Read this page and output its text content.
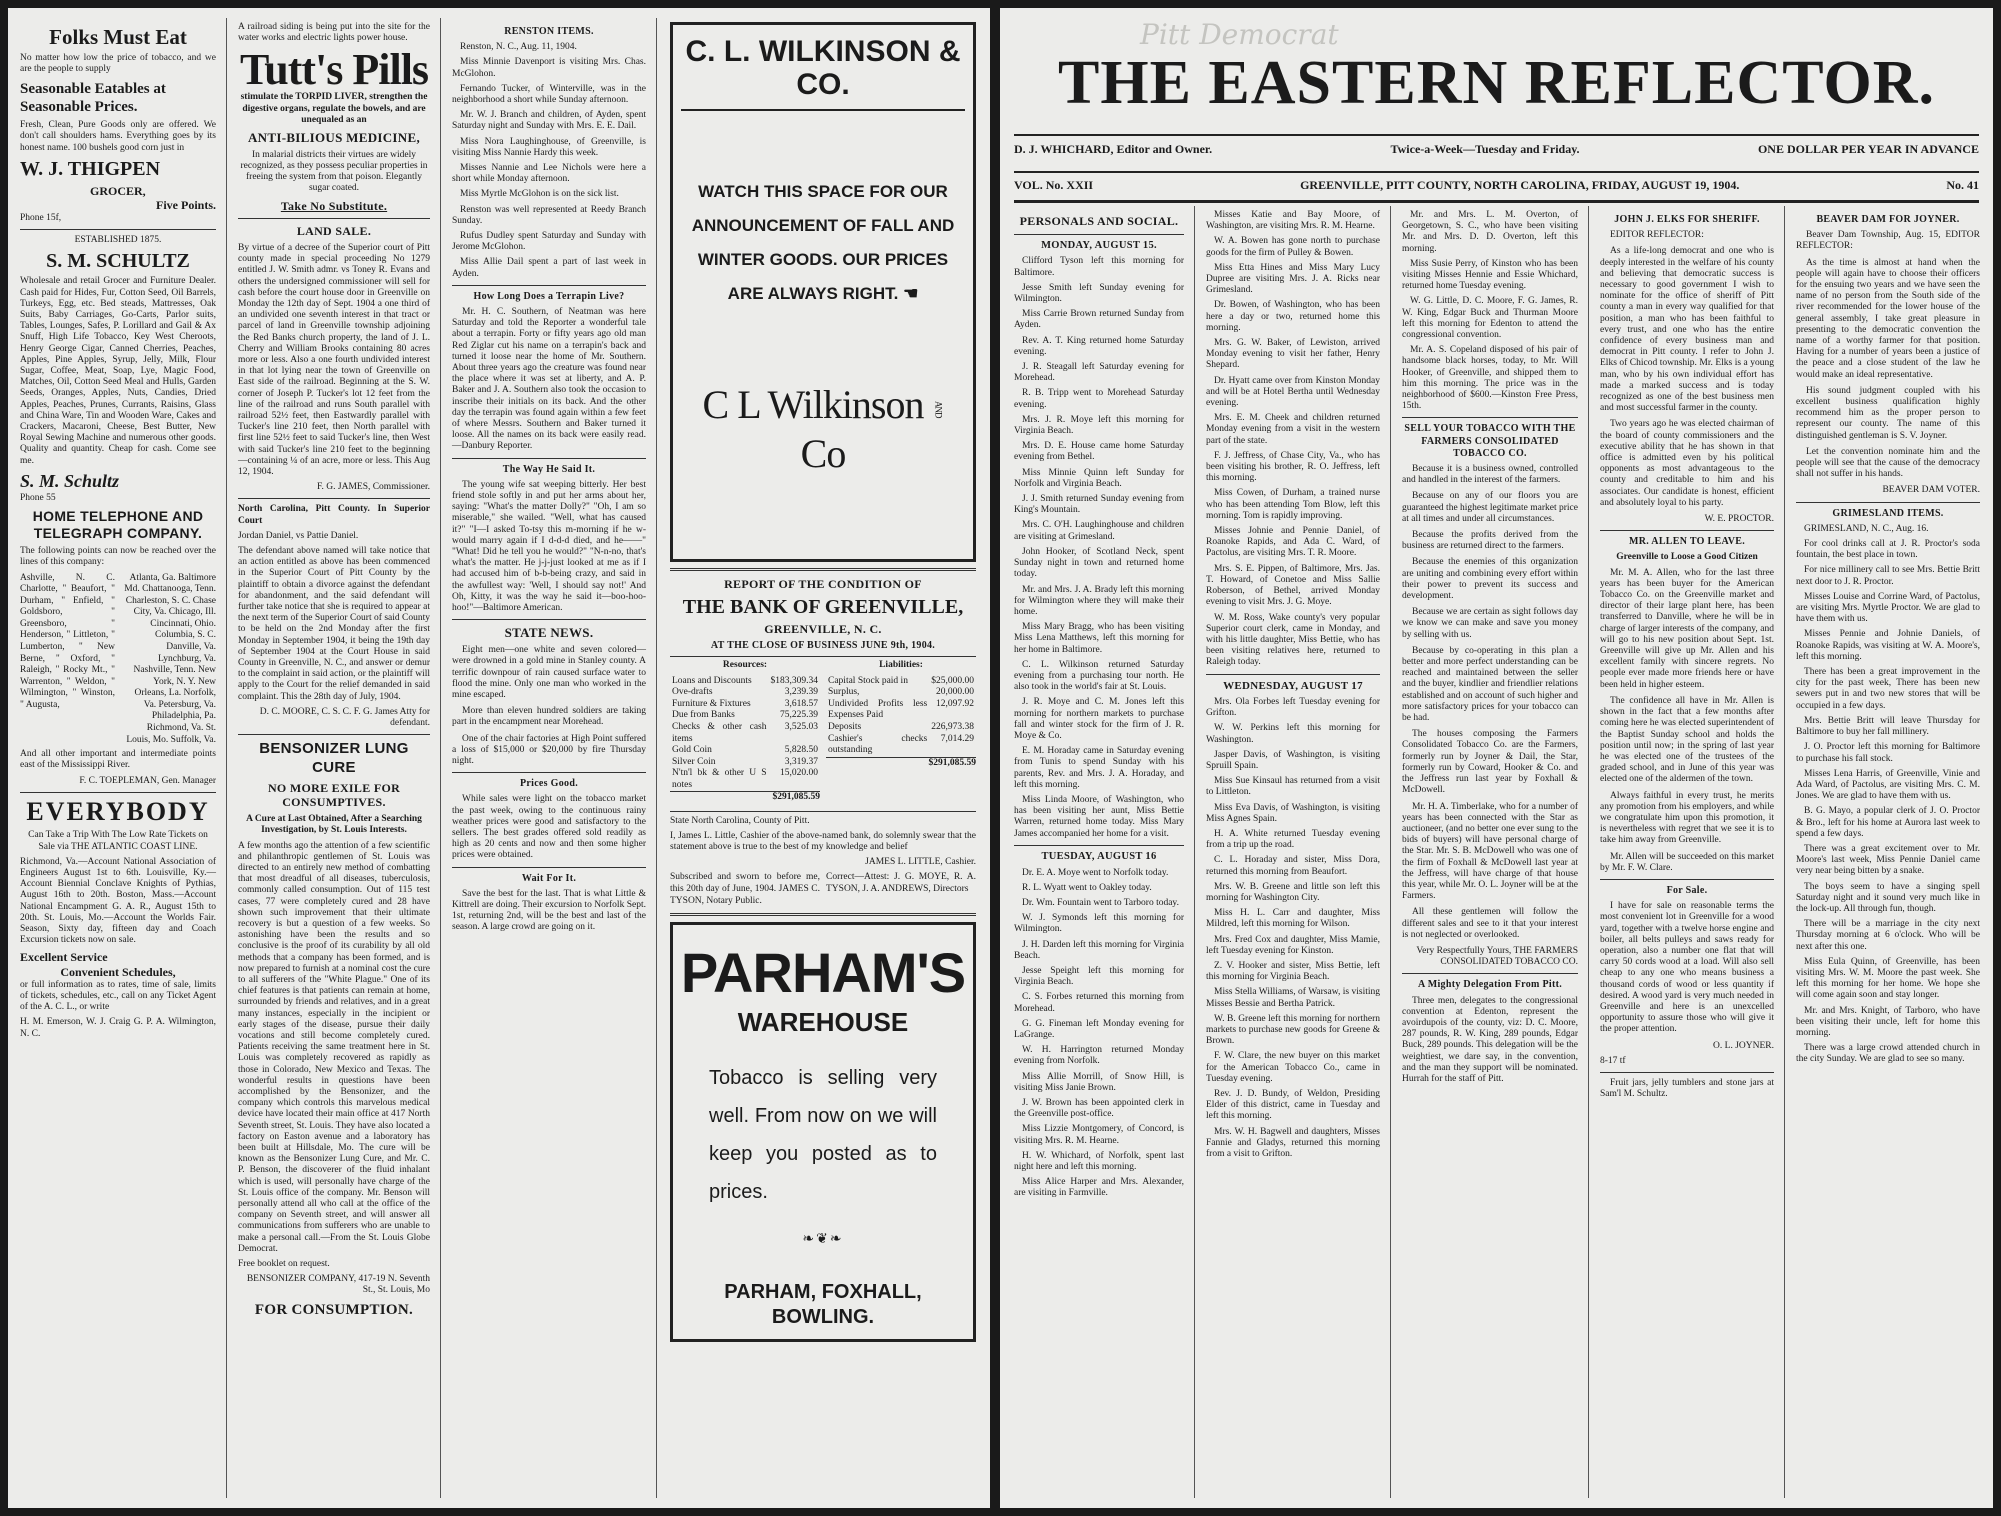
Folks Must Eat
No matter how low the price of tobacco, and we are the people to supply
Seasonable Eatables at
Seasonable Prices.
Fresh, Clean, Pure Goods only are offered. We don't call shoulders hams. Everything goes by its honest name. 100 bushels good corn just in
W. J. THIGPEN
GROCER,
Five Points.
Phone 15f,
ESTABLISHED 1875.
S. M. SCHULTZ
Wholesale and retail Grocer and Furniture Dealer. Cash paid for Hides, Fur, Cotton Seed, Oil Barrels, Turkeys, Egg, etc. Bed steads, Mattresses, Oak Suits, Baby Carriages, Go-Carts, Parlor suits, Tables, Lounges, Safes, P. Lorillard and Gail & Ax Snuff, High Life Tobacco, Key West Cheroots, Henry George Cigar, Canned Cherries, Peaches, Apples, Pine Apples, Syrup, Jelly, Milk, Flour Sugar, Coffee, Meat, Soap, Lye, Magic Food, Matches, Oil, Cotton Seed Meal and Hulls, Garden Seeds, Oranges, Apples, Nuts, Candies, Dried Apples, Peaches, Prunes, Currants, Raisins, Glass and China Ware, Tin and Wooden Ware, Cakes and Crackers, Macaroni, Cheese, Best Butter, New Royal Sewing Machine and numerous other goods. Quality and quantity. Cheap for cash. Come see me.
S. M. Schultz
Phone 55
HOME TELEPHONE AND TELEGRAPH COMPANY.
The following points can now be reached over the lines of this company:
Ashville, N. C. Charlotte, " Beaufort, " Durham, " Enfield, " Goldsboro, " Greensboro, " Henderson, " Littleton, " Lumberton, " New Berne, " Oxford, " Raleigh, " Rocky Mt., " Warrenton, " Weldon, " Wilmington, " Winston, " Augusta,
Atlanta, Ga. Baltimore Md. Chattanooga, Tenn. Charleston, S. C. Chase City, Va. Chicago, Ill. Cincinnati, Ohio. Columbia, S. C. Danville, Va. Lynchburg, Va. Nashville, Tenn. New York, N. Y. New Orleans, La. Norfolk, Va. Petersburg, Va. Philadelphia, Pa. Richmond, Va. St. Louis, Mo. Suffolk, Va.
And all other important and intermediate points east of the Mississippi River.
F. C. TOEPLEMAN, Gen. Manager
EVERYBODY
Can Take a Trip With The Low Rate Tickets on Sale via THE ATLANTIC COAST LINE.
Richmond, Va.—Account National Association of Engineers August 1st to 6th. Louisville, Ky.—Account Biennial Conclave Knights of Pythias, August 16th to 20th. Boston, Mass.—Account National Encampment G. A. R., August 15th to 20th. St. Louis, Mo.—Account the Worlds Fair. Season, Sixty day, fifteen day and Coach Excursion tickets now on sale.
Excellent Service
Convenient Schedules,
or full information as to rates, time of sale, limits of tickets, schedules, etc., call on any Ticket Agent of the A. C. L., or write
H. M. Emerson, W. J. Craig G. P. A. Wilmington, N. C.
A railroad siding is being put into the site for the water works and electric lights power house.
Tutt's Pills
stimulate the TORPID LIVER, strengthen the digestive organs, regulate the bowels, and are unequaled as an
ANTI-BILIOUS MEDICINE,
In malarial districts their virtues are widely recognized, as they possess peculiar properties in freeing the system from that poison. Elegantly sugar coated.
Take No Substitute.
LAND SALE.
By virtue of a decree of the Superior court of Pitt county made in special proceeding No 1279 entitled J. W. Smith admr. vs Toney R. Evans and others the undersigned commissioner will sell for cash before the court house door in Greenville on Monday the 12th day of Sept. 1904 a one third of an undivided one seventh interest in that tract or parcel of land in Greenville township adjoining the Red Banks church property, the land of J. L. Cherry and William Brooks containing 80 acres more or less. Also a one fourth undivided interest in that lot lying near the town of Greenville on East side of the railroad. Beginning at the S. W. corner of Joseph P. Tucker's lot 12 feet from the line of the railroad and runs South parallel with railroad 52½ feet, then Eastwardly parallel with Tucker's line 210 feet, then North parallel with first line 52½ feet to said Tucker's line, then West with said Tucker's line 210 feet to the beginning—containing ¼ of an acre, more or less. This Aug 12, 1904.
F. G. JAMES, Commissioner.
North Carolina, Pitt County. In Superior Court
Jordan Daniel, vs Pattie Daniel.
The defendant above named will take notice that an action entitled as above has been commenced in the Superior Court of Pitt County by the plaintiff to obtain a divorce against the defendant for abandonment, and the said defendant will further take notice that she is required to appear at the next term of the Superior Court of said County to be held on the 2nd Monday after the first Monday in September 1904, it being the 19th day of September 1904 at the Court House in said County in Greenville, N. C., and answer or demur to the complaint in said action, or the plaintiff will apply to the Court for the relief demanded in said complaint. This the 28th day of July, 1904.
D. C. MOORE, C. S. C. F. G. James Atty for defendant.
BENSONIZER LUNG CURE
NO MORE EXILE FOR CONSUMPTIVES.
A Cure at Last Obtained, After a Searching Investigation, by St. Louis Interests.
A few months ago the attention of a few scientific and philanthropic gentlemen of St. Louis was directed to an entirely new method of combatting that most dreadful of all diseases, tuberculosis, commonly called consumption. Out of 115 test cases, 77 were completely cured and 28 have shown such improvement that their ultimate recovery is but a question of a few weeks. So astonishing have been the results and so conclusive is the proof of its curability by all old methods that a company has been formed, and is now prepared to furnish at a nominal cost the cure to all sufferers of the "White Plague." One of its chief features is that patients can remain at home, surrounded by friends and relatives, and in a great many instances, especially in the incipient or early stages of the disease, pursue their daily vocations and still become completely cured. Patients receiving the same treatment here in St. Louis was completely recovered as rapidly as those in Colorado, New Mexico and Texas. The wonderful results in questions have been accomplished by the Bensonizer, and the company which controls this marvelous medical device have located their main office at 417 North Seventh street, St. Louis. They have also located a factory on Easton avenue and a laboratory has been built at Hillsdale, Mo. The cure will be known as the Bensonizer Lung Cure, and Mr. C. P. Benson, the discoverer of the fluid inhalant which is used, will personally have charge of the St. Louis office of the company. Mr. Benson will personally attend all who call at the office of the company on Seventh street, and will answer all communications from sufferers who are unable to make a personal call.—From the St. Louis Globe Democrat.
Free booklet on request.
BENSONIZER COMPANY, 417-19 N. Seventh St., St. Louis, Mo
FOR CONSUMPTION.
RENSTON ITEMS.
Renston, N. C., Aug. 11, 1904.
Miss Minnie Davenport is visiting Mrs. Chas. McGlohon.
Fernando Tucker, of Winterville, was in the neighborhood a short while Sunday afternoon.
Mr. W. J. Branch and children, of Ayden, spent Saturday night and Sunday with Mrs. E. E. Dail.
Miss Nora Laughinghouse, of Greenville, is visiting Miss Nannie Hardy this week.
Misses Nannie and Lee Nichols were here a short while Monday afternoon.
Miss Myrtle McGlohon is on the sick list.
Renston was well represented at Reedy Branch Sunday.
Rufus Dudley spent Saturday and Sunday with Jerome McGlohon.
Miss Allie Dail spent a part of last week in Ayden.
How Long Does a Terrapin Live?
Mr. H. C. Southern, of Neatman was here Saturday and told the Reporter a wonderful tale about a terrapin. Forty or fifty years ago old man Red Ziglar cut his name on a terrapin's back and turned it loose near the home of Mr. Southern. About three years ago the creature was found near the place where it was set at liberty, and A. P. Baker and J. A. Southern also took the occasion to inscribe their initials on its back. And the other day the terrapin was found again within a few feet of where Messrs. Southern and Baker turned it loose. All the names on its back were easily read. —Danbury Reporter.
The Way He Said It.
The young wife sat weeping bitterly. Her best friend stole softly in and put her arms about her, saying: "What's the matter Dolly?" "Oh, I am so miserable," she wailed. "Well, what has caused it?" "I—I asked To-tsy this m-morning if he w-would marry again if I d-d-d died, and he——" "What! Did he tell you he would?" "N-n-no, that's what's the matter. He j-j-just looked at me as if I had accused him of b-b-being crazy, and said in the awfullest way: 'Well, I should say not!' And Oh, Kitty, it was the way he said it—boo-hoo-hoo!"—Baltimore American.
STATE NEWS.
Eight men—one white and seven colored—were drowned in a gold mine in Stanley county. A terrific downpour of rain caused surface water to flood the mine. Only one man who worked in the mine escaped.
More than eleven hundred soldiers are taking part in the encampment near Morehead.
One of the chair factories at High Point suffered a loss of $15,000 or $20,000 by fire Thursday night.
Prices Good.
While sales were light on the tobacco market the past week, owing to the continuous rainy weather prices were good and satisfactory to the sellers. The best grades offered sold readily as high as 20 cents and now and then some higher prices were obtained.
Wait For It.
Save the best for the last. That is what Little & Kittrell are doing. Their excursion to Norfolk Sept. 1st, returning 2nd, will be the best and last of the season. A large crowd are going on it.
C. L. WILKINSON & CO.
WATCH THIS SPACE FOR OUR
ANNOUNCEMENT OF FALL AND
WINTER GOODS. OUR PRICES
ARE ALWAYS RIGHT. ☚
C L Wilkinson AND Co
REPORT OF THE CONDITION OF
THE BANK OF GREENVILLE,
GREENVILLE, N. C.
AT THE CLOSE OF BUSINESS JUNE 9th, 1904.
Resources:
Loans and Discounts	$183,309.34
Ove-drafts	3,239.39
Furniture & Fixtures	3,618.57
Due from Banks	75,225.39
Checks & other cash items	3,525.03
Gold Coin	5,828.50
Silver Coin	3,319.37
N'tn'l bk & other U S notes	15,020.00
$291,085.59
Liabilities:
Capital Stock paid in	$25,000.00
Surplus,	20,000.00
Undivided Profits less Expenses Paid	12,097.92
Deposits	226,973.38
Cashier's checks outstanding	7,014.29
$291,085.59
State North Carolina, County of Pitt.
I, James L. Little, Cashier of the above-named bank, do solemnly swear that the statement above is true to the best of my knowledge and belief
JAMES L. LITTLE, Cashier.
Subscribed and sworn to before me, this 20th day of June, 1904. JAMES C. TYSON, Notary Public.
Correct—Attest: J. G. MOYE, R. A. TYSON, J. A. ANDREWS, Directors
PARHAM'S
WAREHOUSE
Tobacco is selling very well. From now on we will keep you posted as to prices.
❧❦❧
PARHAM, FOXHALL, BOWLING.
Pitt Democrat
THE EASTERN REFLECTOR.
D. J. WHICHARD, Editor and Owner.	Twice-a-Week—Tuesday and Friday.	ONE DOLLAR PER YEAR IN ADVANCE
VOL. No. XXII	GREENVILLE, PITT COUNTY, NORTH CAROLINA, FRIDAY, AUGUST 19, 1904.	No. 41
PERSONALS AND SOCIAL.
MONDAY, AUGUST 15.
Clifford Tyson left this morning for Baltimore.
Jesse Smith left Sunday evening for Wilmington.
Miss Carrie Brown returned Sunday from Ayden.
Rev. A. T. King returned home Saturday evening.
J. R. Steagall left Saturday evening for Morehead.
R. B. Tripp went to Morehead Saturday evening.
Mrs. J. R. Moye left this morning for Virginia Beach.
Mrs. D. E. House came home Saturday evening from Bethel.
Miss Minnie Quinn left Sunday for Norfolk and Virginia Beach.
J. J. Smith returned Sunday evening from King's Mountain.
Mrs. C. O'H. Laughinghouse and children are visiting at Grimesland.
John Hooker, of Scotland Neck, spent Sunday night in town and returned home today.
Mr. and Mrs. J. A. Brady left this morning for Wilmington where they will make their home.
Miss Mary Bragg, who has been visiting Miss Lena Matthews, left this morning for her home in Baltimore.
C. L. Wilkinson returned Saturday evening from a purchasing tour north. He also took in the world's fair at St. Louis.
J. R. Moye and C. M. Jones left this morning for northern markets to purchase fall and winter stock for the firm of J. R. Moye & Co.
E. M. Horaday came in Saturday evening from Tunis to spend Sunday with his parents, Rev. and Mrs. J. A. Horaday, and left this morning.
Miss Linda Moore, of Washington, who has been visiting her aunt, Miss Bettie Warren, returned home today. Miss Mary James accompanied her home for a visit.
TUESDAY, AUGUST 16
Dr. E. A. Moye went to Norfolk today.
R. L. Wyatt went to Oakley today.
Dr. Wm. Fountain went to Tarboro today.
W. J. Symonds left this morning for Wilmington.
J. H. Darden left this morning for Virginia Beach.
Jesse Speight left this morning for Virginia Beach.
C. S. Forbes returned this morning from Morehead.
G. G. Fineman left Monday evening for LaGrange.
W. H. Harrington returned Monday evening from Norfolk.
Miss Allie Morrill, of Snow Hill, is visiting Miss Janie Brown.
J. W. Brown has been appointed clerk in the Greenville post-office.
Miss Lizzie Montgomery, of Concord, is visiting Mrs. R. M. Hearne.
H. W. Whichard, of Norfolk, spent last night here and left this morning.
Miss Alice Harper and Mrs. Alexander, are visiting in Farmville.
Misses Katie and Bay Moore, of Washington, are visiting Mrs. R. M. Hearne.
W. A. Bowen has gone north to purchase goods for the firm of Pulley & Bowen.
Miss Etta Hines and Miss Mary Lucy Dupree are visiting Mrs. J. A. Ricks near Grimesland.
Dr. Bowen, of Washington, who has been here a day or two, returned home this morning.
Mrs. G. W. Baker, of Lewiston, arrived Monday evening to visit her father, Henry Shepard.
Dr. Hyatt came over from Kinston Monday and will be at Hotel Bertha until Wednesday evening.
Mrs. E. M. Cheek and children returned Monday evening from a visit in the western part of the state.
F. J. Jeffress, of Chase City, Va., who has been visiting his brother, R. O. Jeffress, left this morning.
Miss Cowen, of Durham, a trained nurse who has been attending Tom Blow, left this morning. Tom is rapidly improving.
Misses Johnie and Pennie Daniel, of Roanoke Rapids, and Ada C. Ward, of Pactolus, are visiting Mrs. T. R. Moore.
Mrs. S. E. Pippen, of Baltimore, Mrs. Jas. T. Howard, of Conetoe and Miss Sallie Roberson, of Bethel, arrived Monday evening to visit Mrs. J. G. Moye.
W. M. Ross, Wake county's very popular Superior court clerk, came in Monday, and with his little daughter, Miss Bettie, who has been visiting relatives here, returned to Raleigh today.
WEDNESDAY, AUGUST 17
Mrs. Ola Forbes left Tuesday evening for Grifton.
W. W. Perkins left this morning for Washington.
Jasper Davis, of Washington, is visiting Spruill Spain.
Miss Sue Kinsaul has returned from a visit to Littleton.
Miss Eva Davis, of Washington, is visiting Miss Agnes Spain.
H. A. White returned Tuesday evening from a trip up the road.
C. L. Horaday and sister, Miss Dora, returned this morning from Beaufort.
Mrs. W. B. Greene and little son left this morning for Washington City.
Miss H. L. Carr and daughter, Miss Mildred, left this morning for Wilson.
Mrs. Fred Cox and daughter, Miss Mamie, left Tuesday evening for Kinston.
Z. V. Hooker and sister, Miss Bettie, left this morning for Virginia Beach.
Miss Stella Williams, of Warsaw, is visiting Misses Bessie and Bertha Patrick.
W. B. Greene left this morning for northern markets to purchase new goods for Greene & Brown.
F. W. Clare, the new buyer on this market for the American Tobacco Co., came in Tuesday evening.
Rev. J. D. Bundy, of Weldon, Presiding Elder of this district, came in Tuesday and left this morning.
Mrs. W. H. Bagwell and daughters, Misses Fannie and Gladys, returned this morning from a visit to Grifton.
Mr. and Mrs. L. M. Overton, of Georgetown, S. C., who have been visiting Mr. and Mrs. D. D. Overton, left this morning.
Miss Susie Perry, of Kinston who has been visiting Misses Hennie and Essie Whichard, returned home Tuesday evening.
W. G. Little, D. C. Moore, F. G. James, R. W. King, Edgar Buck and Thurman Moore left this morning for Edenton to attend the congressional convention.
Mr. A. S. Copeland disposed of his pair of handsome black horses, today, to Mr. Will Hooker, of Greenville, and shipped them to him this morning. The price was in the neighborhood of $600.—Kinston Free Press, 15th.
SELL YOUR TOBACCO WITH THE FARMERS CONSOLIDATED TOBACCO CO.
Because it is a business owned, controlled and handled in the interest of the farmers.
Because on any of our floors you are guaranteed the highest legitimate market price at all times and under all circumstances.
Because the profits derived from the business are returned direct to the farmers.
Because the enemies of this organization are uniting and combining every effort within their power to prevent its success and development.
Because we are certain as sight follows day we know we can make and save you money by selling with us.
Because by co-operating in this plan a better and more perfect understanding can be reached and maintained between the seller and the buyer, kindlier and friendlier relations established and on account of such higher and more satisfactory prices for your tobacco can be had.
The houses composing the Farmers Consolidated Tobacco Co. are the Farmers, formerly run by Joyner & Dail, the Star, formerly run by Coward, Hooker & Co. and the Jeffress run last year by Foxhall & McDowell.
Mr. H. A. Timberlake, who for a number of years has been connected with the Star as auctioneer, (and no better one ever sung to the bids of buyers) will have personal charge of the Star. Mr. S. B. McDowell who was one of the firm of Foxhall & McDowell last year at the Jeffress, will have charge of that house this year, while Mr. O. L. Joyner will be at the Farmers.
All these gentlemen will follow the different sales and see to it that your interest is not neglected or overlooked.
Very Respectfully Yours, THE FARMERS CONSOLIDATED TOBACCO CO.
A Mighty Delegation From Pitt.
Three men, delegates to the congressional convention at Edenton, represent the avoirdupois of the county, viz: D. C. Moore, 287 pounds, R. W. King, 289 pounds, Edgar Buck, 289 pounds. This delegation will be the weightiest, we dare say, in the convention, and the man they support will be nominated. Hurrah for the staff of Pitt.
JOHN J. ELKS FOR SHERIFF.
EDITOR REFLECTOR:
As a life-long democrat and one who is deeply interested in the welfare of his county and believing that democratic success is necessary to good government I wish to nominate for the office of sheriff of Pitt county a man in every way qualified for that position, a man who has been faithful to every trust, and one who has the entire confidence of every business man and democrat in Pitt county. I refer to John J. Elks of Chicod township. Mr. Elks is a young man, who by his own individual effort has made a marked success and is today recognized as one of the best business men and most successful farmer in the county.
Two years ago he was elected chairman of the board of county commissioners and the executive ability that he has shown in that office is admitted even by his political opponents as most advantageous to the county and creditable to him and his associates. Our candidate is honest, efficient and absolutely loyal to his party.
W. E. PROCTOR.
MR. ALLEN TO LEAVE.
Greenville to Loose a Good Citizen
Mr. M. A. Allen, who for the last three years has been buyer for the American Tobacco Co. on the Greenville market and director of their large plant here, has been transferred to Danville, where he will be in charge of larger interests of the company, and will go to his new position about Sept. 1st. Greenville will give up Mr. Allen and his excellent family with sincere regrets. No people ever made more friends here or have been held in higher esteem.
The confidence all have in Mr. Allen is shown in the fact that a few months after coming here he was elected superintendent of the Baptist Sunday school and holds the position until now; in the spring of last year he was elected one of the trustees of the graded school, and in June of this year was elected one of the aldermen of the town.
Always faithful in every trust, he merits any promotion from his employers, and while we congratulate him upon this promotion, it is nevertheless with regret that we see it is to take him away from Greenville.
Mr. Allen will be succeeded on this market by Mr. F. W. Clare.
For Sale.
I have for sale on reasonable terms the most convenient lot in Greenville for a wood yard, together with a twelve horse engine and boiler, all belts pulleys and saws ready for operation, also a number one flat that will carry 50 cords wood at a load. Will also sell cheap to any one who means business a thousand cords of wood or less quantity if desired. A wood yard is very much needed in Greenville and here is an unexcelled opportunity to assure those who will give it the proper attention.
O. L. JOYNER.
8-17 tf
Fruit jars, jelly tumblers and stone jars at Sam'l M. Schultz.
BEAVER DAM FOR JOYNER.
Beaver Dam Township, Aug. 15, EDITOR REFLECTOR:
As the time is almost at hand when the people will again have to choose their officers for the ensuing two years and we have seen the name of no person from the South side of the river recommended for the lower house of the general assembly, I take great pleasure in presenting to the democratic convention the name of a worthy farmer for that position. Having for a number of years been a justice of the peace and a close student of the law he would make an ideal representative.
His sound judgment coupled with his excellent business qualification highly recommend him as the proper person to represent our county. The name of this distinguished gentleman is S. V. Joyner.
Let the convention nominate him and the people will see that the cause of the democracy shall not suffer in his hands.
BEAVER DAM VOTER.
GRIMESLAND ITEMS.
GRIMESLAND, N. C., Aug. 16.
For cool drinks call at J. R. Proctor's soda fountain, the best place in town.
For nice millinery call to see Mrs. Bettie Britt next door to J. R. Proctor.
Misses Louise and Corrine Ward, of Pactolus, are visiting Mrs. Myrtle Proctor. We are glad to have them with us.
Misses Pennie and Johnie Daniels, of Roanoke Rapids, was visiting at W. A. Moore's, left this morning.
There has been a great improvement in the city for the past week, There has been new sewers put in and two new stores that will be occupied in a few days.
Mrs. Bettie Britt will leave Thursday for Baltimore to buy her fall millinery.
J. O. Proctor left this morning for Baltimore to purchase his fall stock.
Misses Lena Harris, of Greenville, Vinie and Ada Ward, of Pactolus, are visiting Mrs. C. M. Jones. We are glad to have them with us.
B. G. Mayo, a popular clerk of J. O. Proctor & Bro., left for his home at Aurora last week to spend a few days.
There was a great excitement over to Mr. Moore's last week, Miss Pennie Daniel came very near being bitten by a snake.
The boys seem to have a singing spell Saturday night and it sound very much like in the lock-up. All through fun, though.
There will be a marriage in the city next Thursday morning at 6 o'clock. Who will be next after this one.
Miss Eula Quinn, of Greenville, has been visiting Mrs. W. M. Moore the past week. She left this morning for her home. We hope she will come again soon and stay longer.
Mr. and Mrs. Knight, of Tarboro, who have been visiting their uncle, left for home this morning.
There was a large crowd attended church in the city Sunday. We are glad to see so many.
